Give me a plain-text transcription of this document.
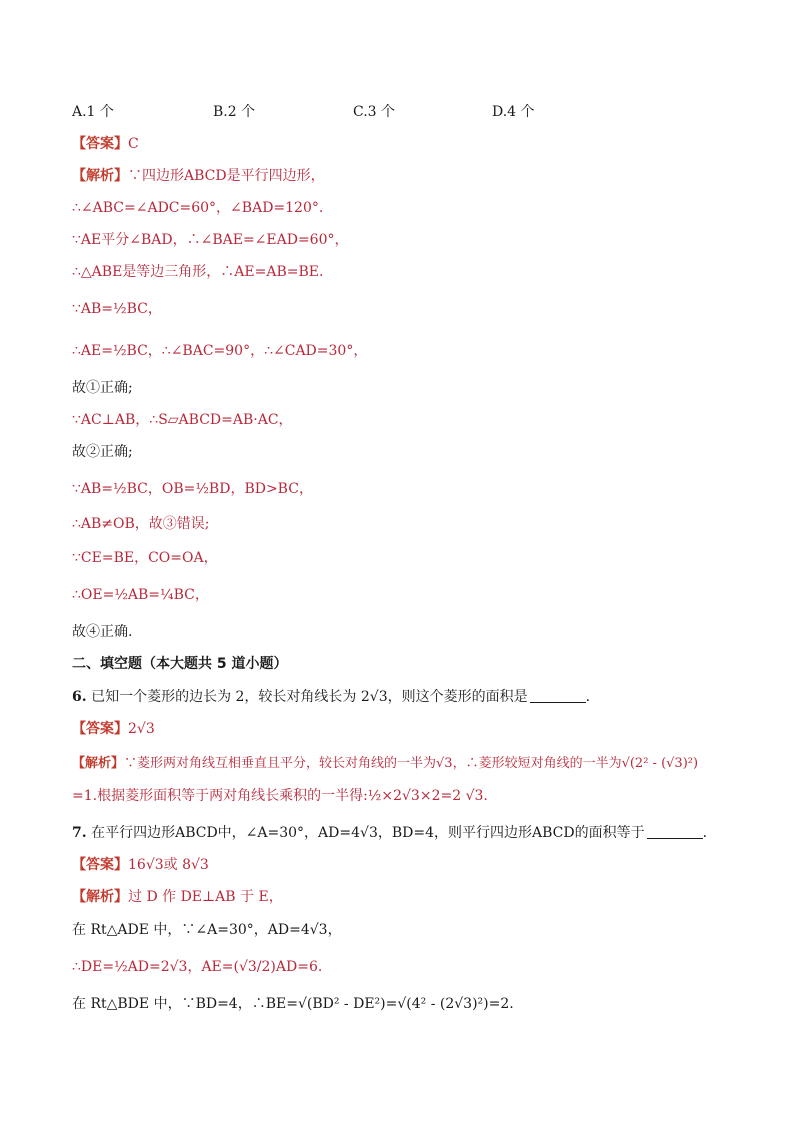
A.1 个	B.2 个	C.3 个	D.4 个
【答案】C
【解析】∵四边形ABCD是平行四边形，
∴∠ABC=∠ADC=60°，∠BAD=120°.
∵AE平分∠BAD，∴∠BAE=∠EAD=60°，
∴△ABE是等边三角形，∴AE=AB=BE.
∵AB=½BC，
∴AE=½BC，∴∠BAC=90°，∴∠CAD=30°，
故①正确;
∵AC⊥AB，∴S▱ABCD=AB·AC，
故②正确;
∵AB=½BC，OB=½BD，BD>BC，
∴AB≠OB，故③错误;
∵CE=BE，CO=OA，
∴OE=½AB=¼BC，
故④正确.
二、填空题（本大题共 5 道小题）
6. 已知一个菱形的边长为 2，较长对角线长为 2√3，则这个菱形的面积是	.
【答案】2√3
【解析】∵菱形两对角线互相垂直且平分，较长对角线的一半为√3，∴菱形较短对角线的一半为√(2² - (√3)²)
=1.根据菱形面积等于两对角线长乘积的一半得:½×2√3×2=2 √3.
7. 在平行四边形ABCD中，∠A=30°，AD=4√3，BD=4，则平行四边形ABCD的面积等于	.
【答案】16√3或 8√3
【解析】过 D 作 DE⊥AB 于 E，
在 Rt△ADE 中，∵∠A=30°，AD=4√3，
∴DE=½AD=2√3，AE=(√3/2)AD=6.
在 Rt△BDE 中，∵BD=4，∴BE=√(BD² - DE²)=√(4² - (2√3)²)=2.
